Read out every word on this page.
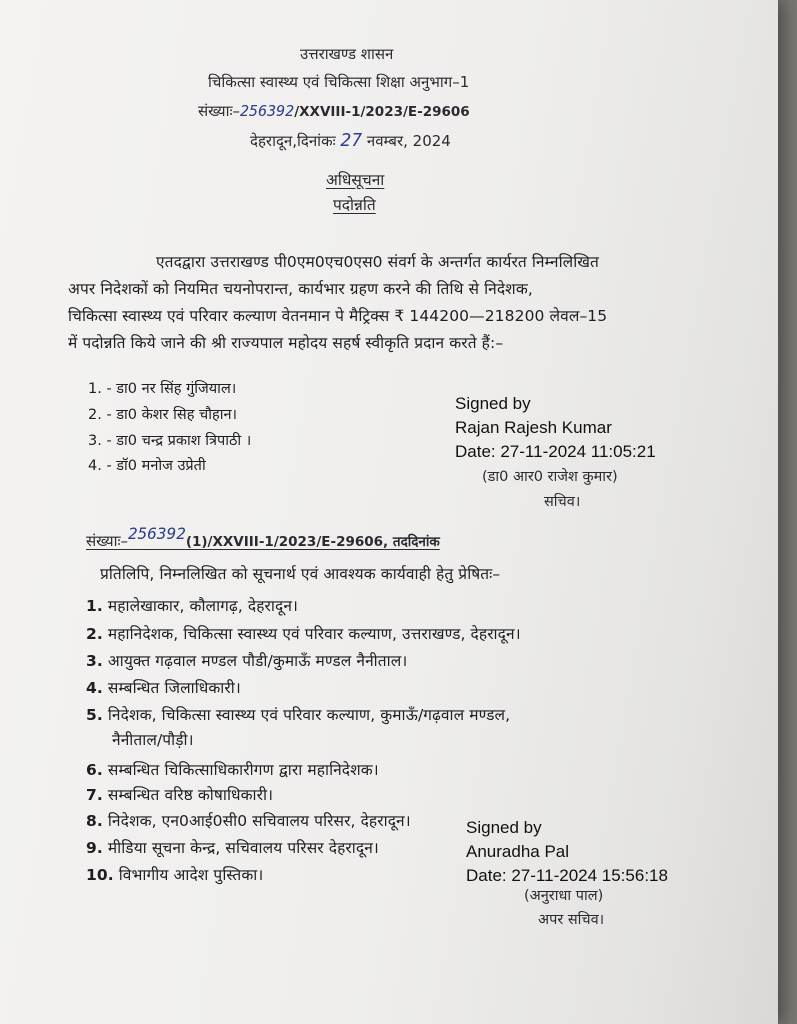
उत्तराखण्ड शासन
चिकित्सा स्वास्थ्य एवं चिकित्सा शिक्षा अनुभाग–1
संख्याः–256392/XXVIII-1/2023/E-29606
देहरादून,दिनांकः 27 नवम्बर, 2024
अधिसूचना
पदोन्नति
एतदद्वारा उत्तराखण्ड पी0एम0एच0एस0 संवर्ग के अन्तर्गत कार्यरत निम्नलिखित
अपर निदेशकों को नियमित चयनोपरान्त, कार्यभार ग्रहण करने की तिथि से निदेशक,
चिकित्सा स्वास्थ्य एवं परिवार कल्याण वेतनमान पे मैट्रिक्स ₹ 144200—218200 लेवल–15
में पदोन्नति किये जाने की श्री राज्यपाल महोदय सहर्ष स्वीकृति प्रदान करते हैं:–
1. - डा0 नर सिंह गुंजियाल।
2. - डा0 केशर सिह चौहान।
3. - डा0 चन्द्र प्रकाश त्रिपाठी ।
4. - डॉ0 मनोज उप्रेती
Signed by
Rajan Rajesh Kumar
Date: 27-11-2024 11:05:21
(डा0 आर0 राजेश कुमार)
सचिव।
संख्याः–256392(1)/XXVIII-1/2023/E-29606, तददिनांक
प्रतिलिपि, निम्नलिखित को सूचनार्थ एवं आवश्यक कार्यवाही हेतु प्रेषितः–
1. महालेखाकार, कौलागढ़, देहरादून।
2. महानिदेशक, चिकित्सा स्वास्थ्य एवं परिवार कल्याण, उत्तराखण्ड, देहरादून।
3. आयुक्त गढ़वाल मण्डल पौडी/कुमाऊँ मण्डल नैनीताल।
4. सम्बन्धित जिलाधिकारी।
5. निदेशक, चिकित्सा स्वास्थ्य एवं परिवार कल्याण, कुमाऊँ/गढ़वाल मण्डल,
नैनीताल/पौड़ी।
6. सम्बन्धित चिकित्साधिकारीगण द्वारा महानिदेशक।
7. सम्बन्धित वरिष्ठ कोषाधिकारी।
8. निदेशक, एन0आई0सी0 सचिवालय परिसर, देहरादून।
9. मीडिया सूचना केन्द्र, सचिवालय परिसर देहरादून।
10. विभागीय आदेश पुस्तिका।
Signed by
Anuradha Pal
Date: 27-11-2024 15:56:18
(अनुराधा पाल)
अपर सचिव।
